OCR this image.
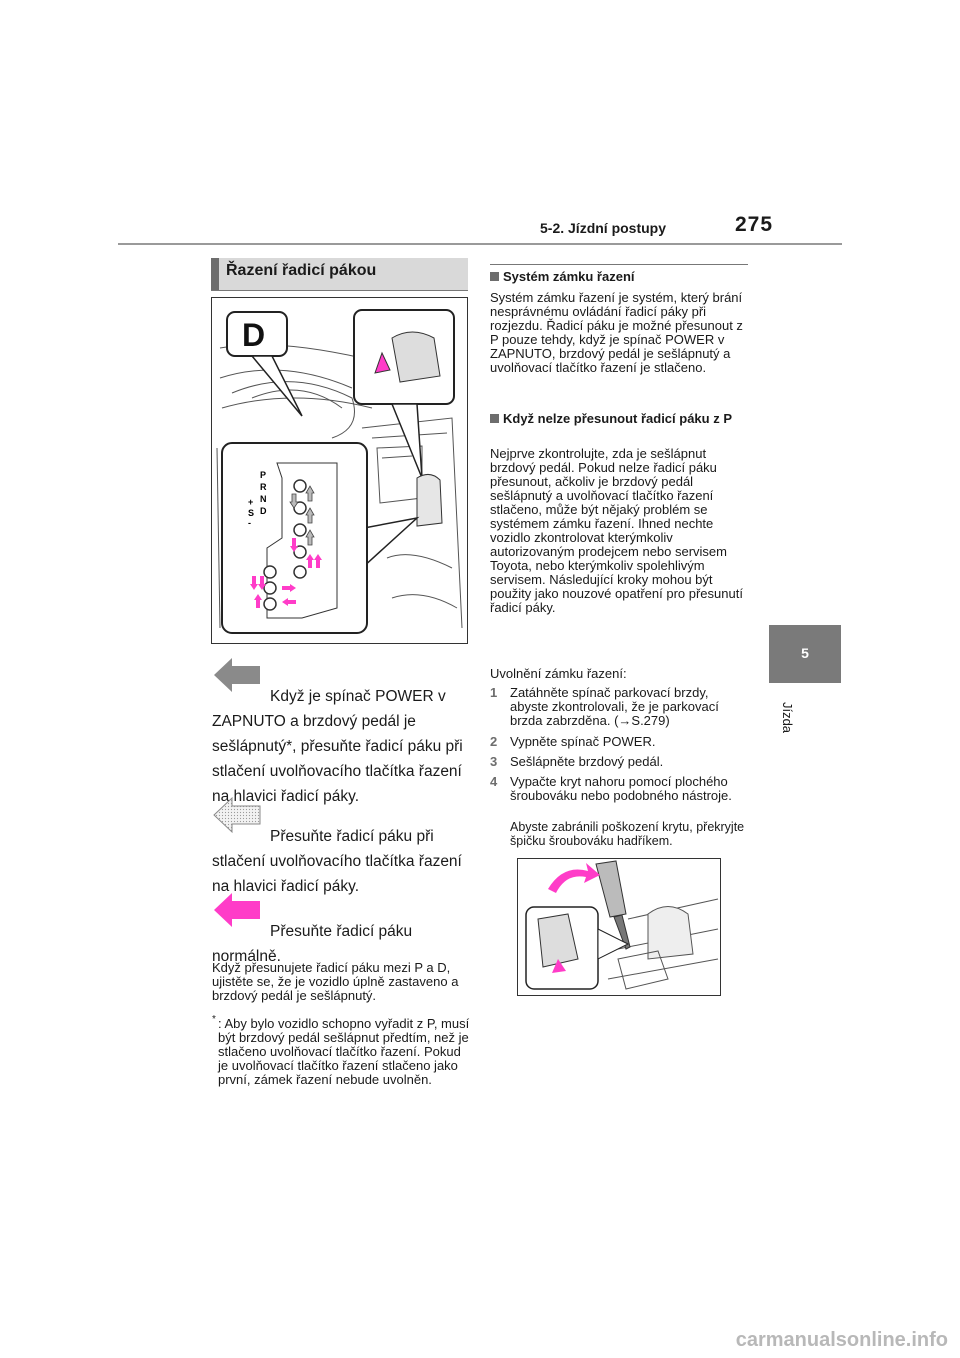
5-2. Jízdní postupy	275
5
Jízda
Řazení řadicí pákou
D
P
R
N
D
+
S
-
Když je spínač POWER v ZAPNUTO a brzdový pedál je sešlápnutý*, přesuňte řadicí páku při stlačení uvolňovacího tlačítka řazení na hlavici řadicí páky.
Přesuňte řadicí páku při stlačení uvolňovacího tlačítka řazení na hlavici řadicí páky.
Přesuňte řadicí páku normálně.
Když přesunujete řadicí páku mezi P a D, ujistěte se, že je vozidlo úplně zastaveno a brzdový pedál je sešlápnutý.
* : Aby bylo vozidlo schopno vyřadit z P, musí být brzdový pedál sešlápnut předtím, než je stlačeno uvolňovací tlačítko řazení. Pokud je uvolňovací tlačítko řazení stlačeno jako první, zámek řazení nebude uvolněn.
Systém zámku řazení
Systém zámku řazení je systém, který brání nesprávnému ovládání řadicí páky při rozjezdu. Řadicí páku je možné přesunout z P pouze tehdy, když je spínač POWER v ZAPNUTO, brzdový pedál je sešlápnutý a uvolňovací tlačítko řazení je stlačeno.
Když nelze přesunout řadicí páku z P
Nejprve zkontrolujte, zda je sešlápnut brzdový pedál. Pokud nelze řadicí páku přesunout, ačkoliv je brzdový pedál sešlápnutý a uvolňovací tlačítko řazení stlačeno, může být nějaký problém se systémem zámku řazení. Ihned nechte vozidlo zkontrolovat kterýmkoliv autorizovaným prodejcem nebo servisem Toyota, nebo kterýmkoliv spolehlivým servisem. Následující kroky mohou být použity jako nouzové opatření pro přesunutí řadicí páky.
Uvolnění zámku řazení:
1 Zatáhněte spínač parkovací brzdy, abyste zkontrolovali, že je parkovací brzda zabrzděna. (→S.279)
2 Vypněte spínač POWER.
3 Sešlápněte brzdový pedál.
4 Vypačte kryt nahoru pomocí plochého šroubováku nebo podobného nástroje.
Abyste zabránili poškození krytu, překryjte špičku šroubováku hadříkem.
carmanualsonline.info
